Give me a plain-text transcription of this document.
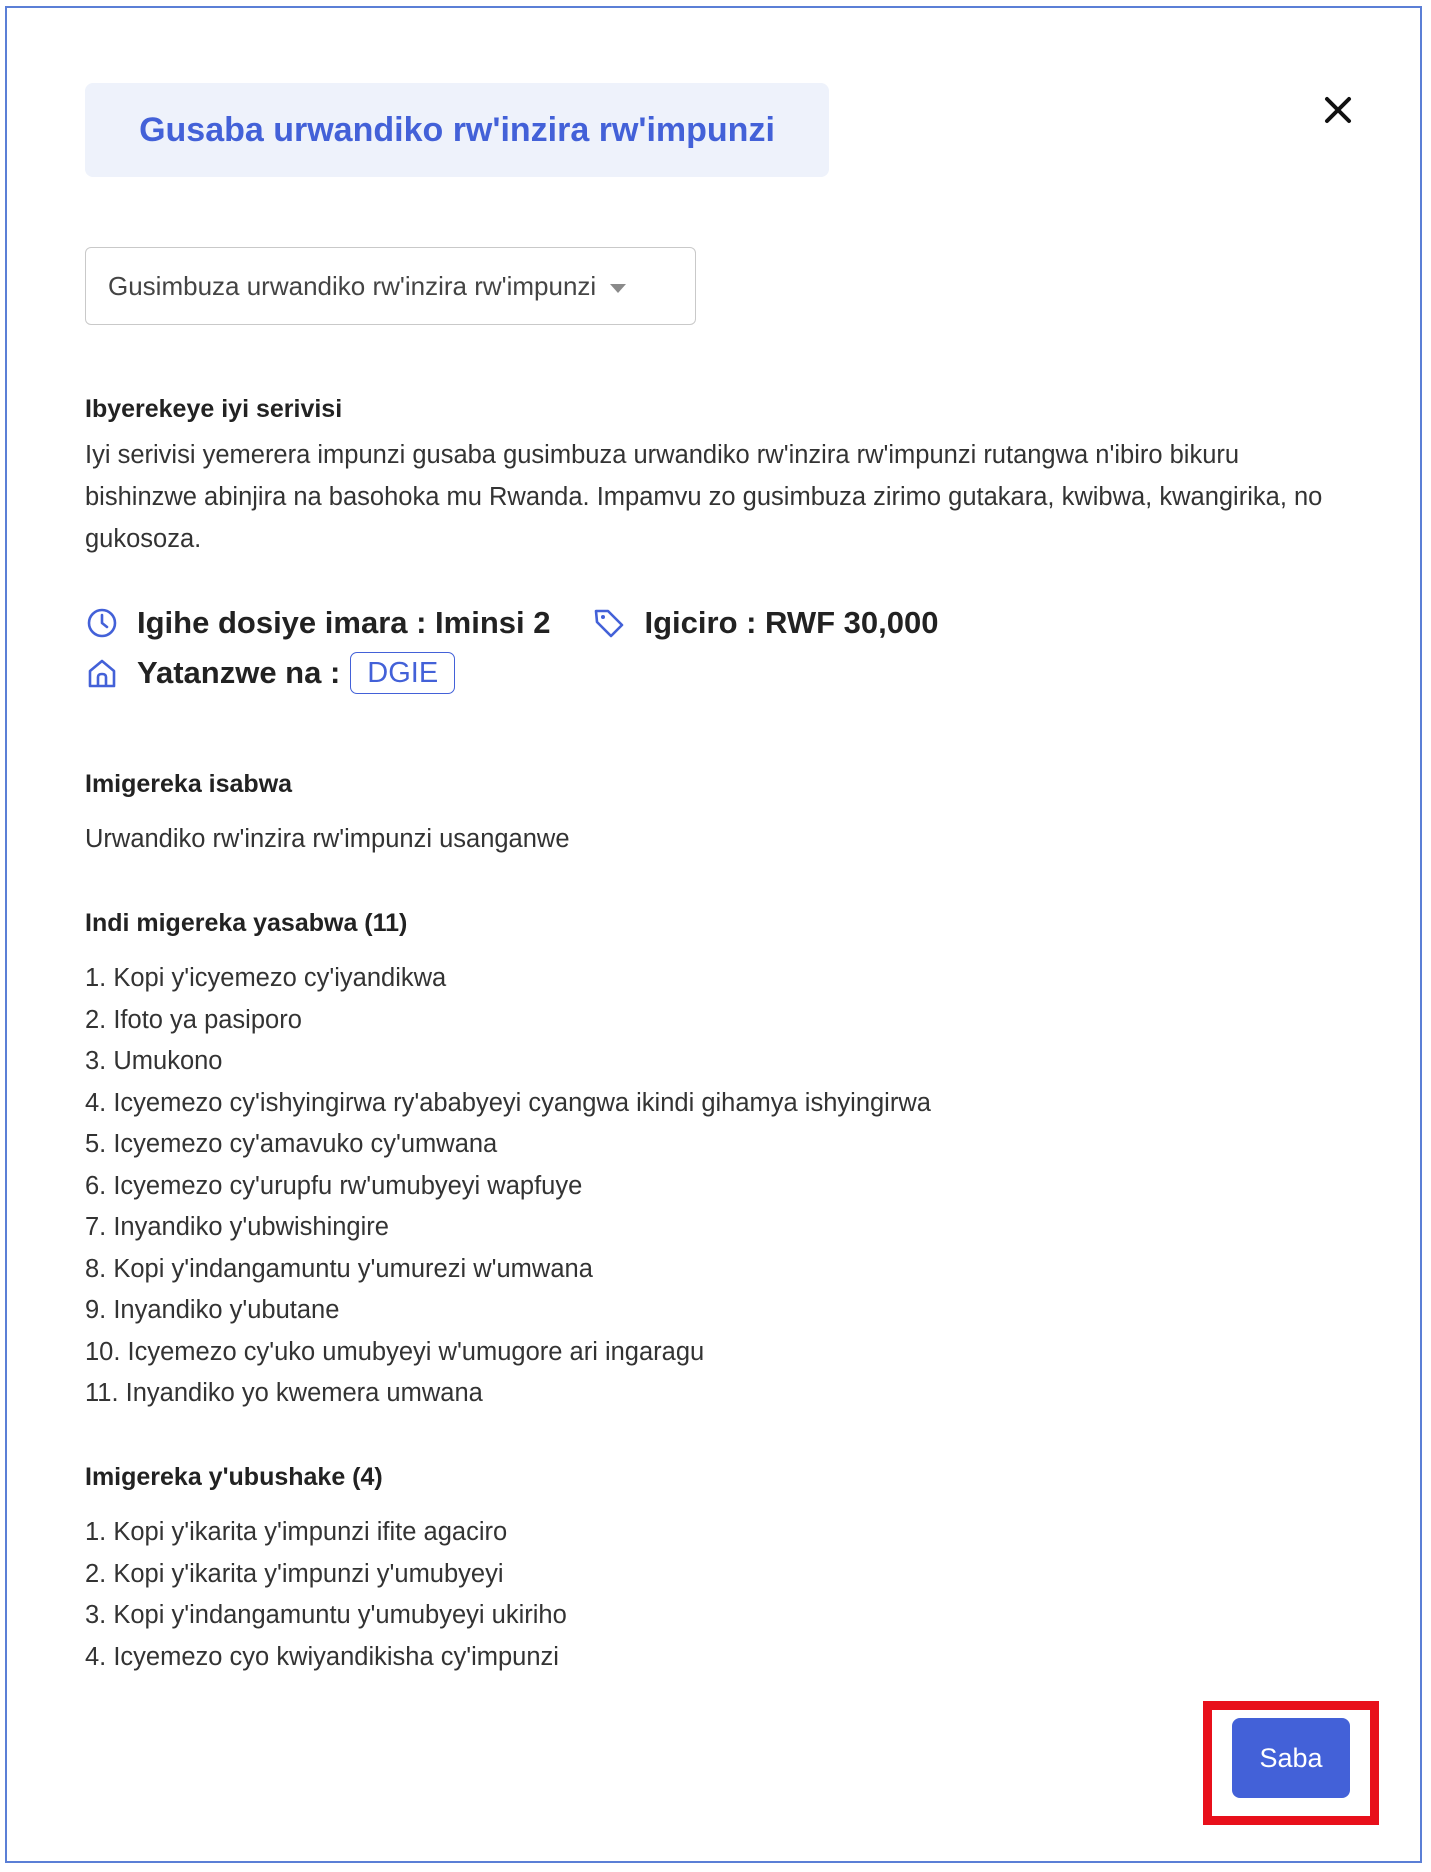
Gusaba urwandiko rw'inzira rw'impunzi
Gusimbuza urwandiko rw'inzira rw'impunzi
Ibyerekeye iyi serivisi

Iyi serivisi yemerera impunzi gusaba gusimbuza urwandiko rw'inzira rw'impunzi rutangwa n'ibiro bikuru bishinzwe abinjira na basohoka mu Rwanda. Impamvu zo gusimbuza zirimo gutakara, kwibwa, kwangirika, no gukosoza.

Igihe dosiye imara : Iminsi 2	Igiciro : RWF 30,000
Yatanzwe na : DGIE
Imigereka isabwa
Urwandiko rw'inzira rw'impunzi usanganwe
Indi migereka yasabwa (11)
1. Kopi y'icyemezo cy'iyandikwa
2. Ifoto ya pasiporo
3. Umukono
4. Icyemezo cy'ishyingirwa ry'ababyeyi cyangwa ikindi gihamya ishyingirwa
5. Icyemezo cy'amavuko cy'umwana
6. Icyemezo cy'urupfu rw'umubyeyi wapfuye
7. Inyandiko y'ubwishingire
8. Kopi y'indangamuntu y'umurezi w'umwana
9. Inyandiko y'ubutane
10. Icyemezo cy'uko umubyeyi w'umugore ari ingaragu
11. Inyandiko yo kwemera umwana
Imigereka y'ubushake (4)
1. Kopi y'ikarita y'impunzi ifite agaciro
2. Kopi y'ikarita y'impunzi y'umubyeyi
3. Kopi y'indangamuntu y'umubyeyi ukiriho
4. Icyemezo cyo kwiyandikisha cy'impunzi
Saba
